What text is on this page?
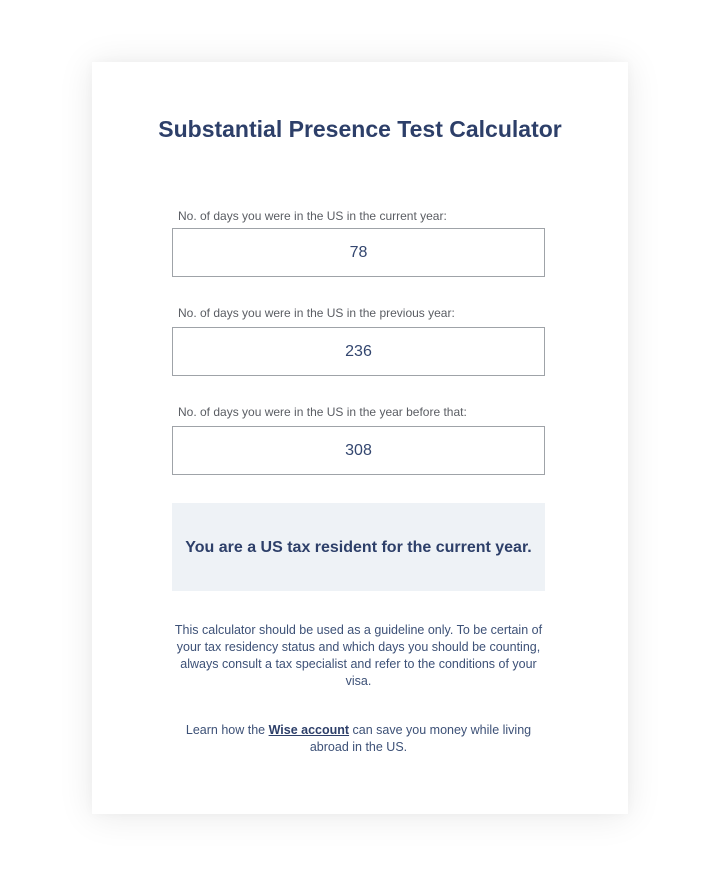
Substantial Presence Test Calculator
No. of days you were in the US in the current year:
78
No. of days you were in the US in the previous year:
236
No. of days you were in the US in the year before that:
308

You are a US tax resident for the current year.

This calculator should be used as a guideline only. To be certain of your tax residency status and which days you should be counting, always consult a tax specialist and refer to the conditions of your visa.

Learn how the Wise account can save you money while living abroad in the US.
